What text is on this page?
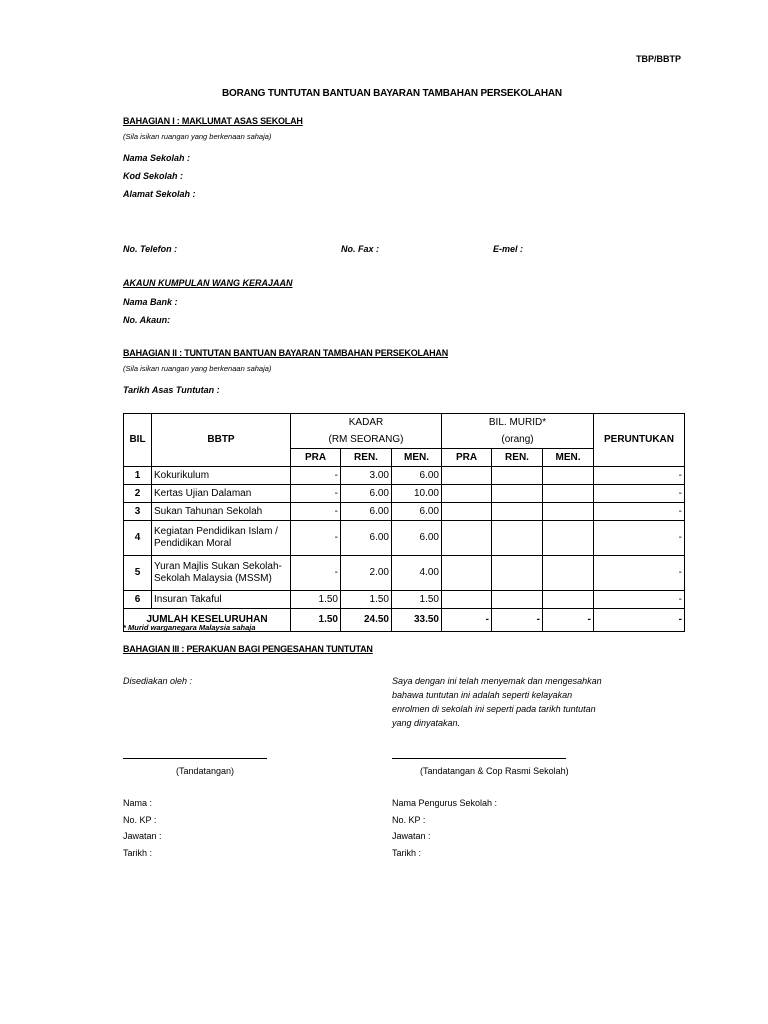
TBP/BBTP
BORANG TUNTUTAN BANTUAN BAYARAN TAMBAHAN PERSEKOLAHAN
BAHAGIAN I : MAKLUMAT ASAS SEKOLAH
(Sila isikan ruangan yang berkenaan sahaja)
Nama Sekolah :
Kod Sekolah :
Alamat Sekolah :
No. Telefon :	No. Fax :	E-mel :
AKAUN KUMPULAN WANG KERAJAAN
Nama Bank :
No. Akaun:
BAHAGIAN II : TUNTUTAN BANTUAN BAYARAN TAMBAHAN PERSEKOLAHAN
(Sila isikan ruangan yang berkenaan sahaja)
Tarikh Asas Tuntutan :
BIL	BBTP	KADAR			BIL. MURID*			PERUNTUKAN
		(RM SEORANG)			(orang)			
		PRA	REN.	MEN.	PRA	REN.	MEN.	
1	Kokurikulum	-	3.00	6.00				-
2	Kertas Ujian Dalaman	-	6.00	10.00				-
3	Sukan Tahunan Sekolah	-	6.00	6.00				-
4	Kegiatan Pendidikan Islam /
Pendidikan Moral	-	6.00	6.00				-
5	Yuran Majlis Sukan Sekolah-
Sekolah Malaysia (MSSM)	-	2.00	4.00				-
6	Insuran Takaful	1.50	1.50	1.50				-
JUMLAH KESELURUHAN		1.50	24.50	33.50	-	-	-	-
* Murid warganegara Malaysia sahaja
BAHAGIAN III : PERAKUAN BAGI PENGESAHAN TUNTUTAN
Disediakan oleh :	Saya dengan ini telah menyemak dan mengesahkan
bahawa tuntutan ini adalah seperti kelayakan
enrolmen di sekolah ini seperti pada tarikh tuntutan
yang dinyatakan.
(Tandatangan)	(Tandatangan & Cop Rasmi Sekolah)
Nama :
No. KP :
Jawatan :
Tarikh :
Nama Pengurus Sekolah :
No. KP :
Jawatan :
Tarikh :
